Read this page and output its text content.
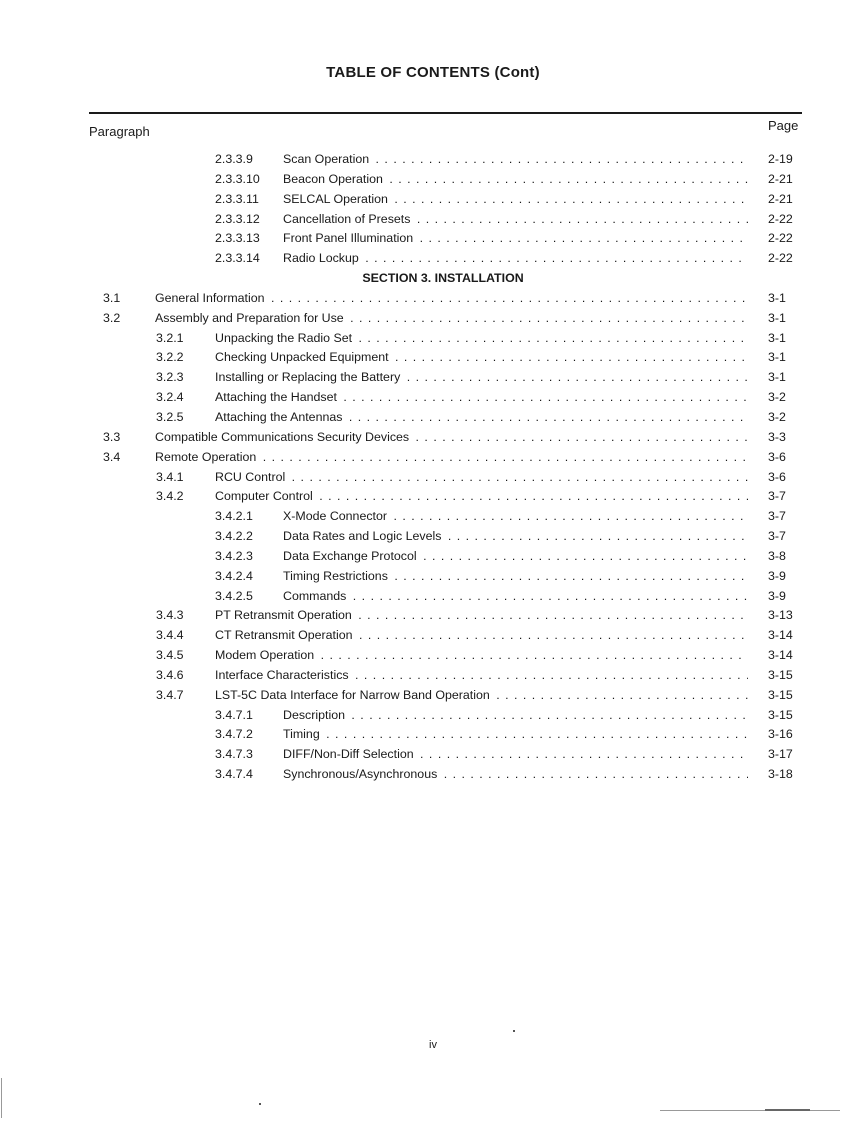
TABLE OF CONTENTS (Cont)
Paragraph	Page
2.3.3.9 Scan Operation . . .	2-19
2.3.3.10 Beacon Operation . . .	2-21
2.3.3.11 SELCAL Operation . . .	2-21
2.3.3.12 Cancellation of Presets . . .	2-22
2.3.3.13 Front Panel Illumination . . .	2-22
2.3.3.14 Radio Lockup . . .	2-22
SECTION 3. INSTALLATION
3.1	General Information . . .	3-1
3.2	Assembly and Preparation for Use . . .	3-1
3.2.1	Unpacking the Radio Set . . .	3-1
3.2.2	Checking Unpacked Equipment . . .	3-1
3.2.3	Installing or Replacing the Battery . . .	3-1
3.2.4	Attaching the Handset . . .	3-2
3.2.5	Attaching the Antennas . . .	3-2
3.3	Compatible Communications Security Devices . . .	3-3
3.4	Remote Operation . . .	3-6
3.4.1	RCU Control . . .	3-6
3.4.2	Computer Control . . .	3-7
3.4.2.1 X-Mode Connector . . .	3-7
3.4.2.2 Data Rates and Logic Levels . . .	3-7
3.4.2.3 Data Exchange Protocol . . .	3-8
3.4.2.4 Timing Restrictions . . .	3-9
3.4.2.5 Commands . . .	3-9
3.4.3	PT Retransmit Operation . . .	3-13
3.4.4	CT Retransmit Operation . . .	3-14
3.4.5	Modem Operation . . .	3-14
3.4.6	Interface Characteristics . . .	3-15
3.4.7	LST-5C Data Interface for Narrow Band Operation . . .	3-15
3.4.7.1 Description . . .	3-15
3.4.7.2 Timing . . .	3-16
3.4.7.3 DIFF/Non-Diff Selection . . .	3-17
3.4.7.4 Synchronous/Asynchronous . . .	3-18
iv
